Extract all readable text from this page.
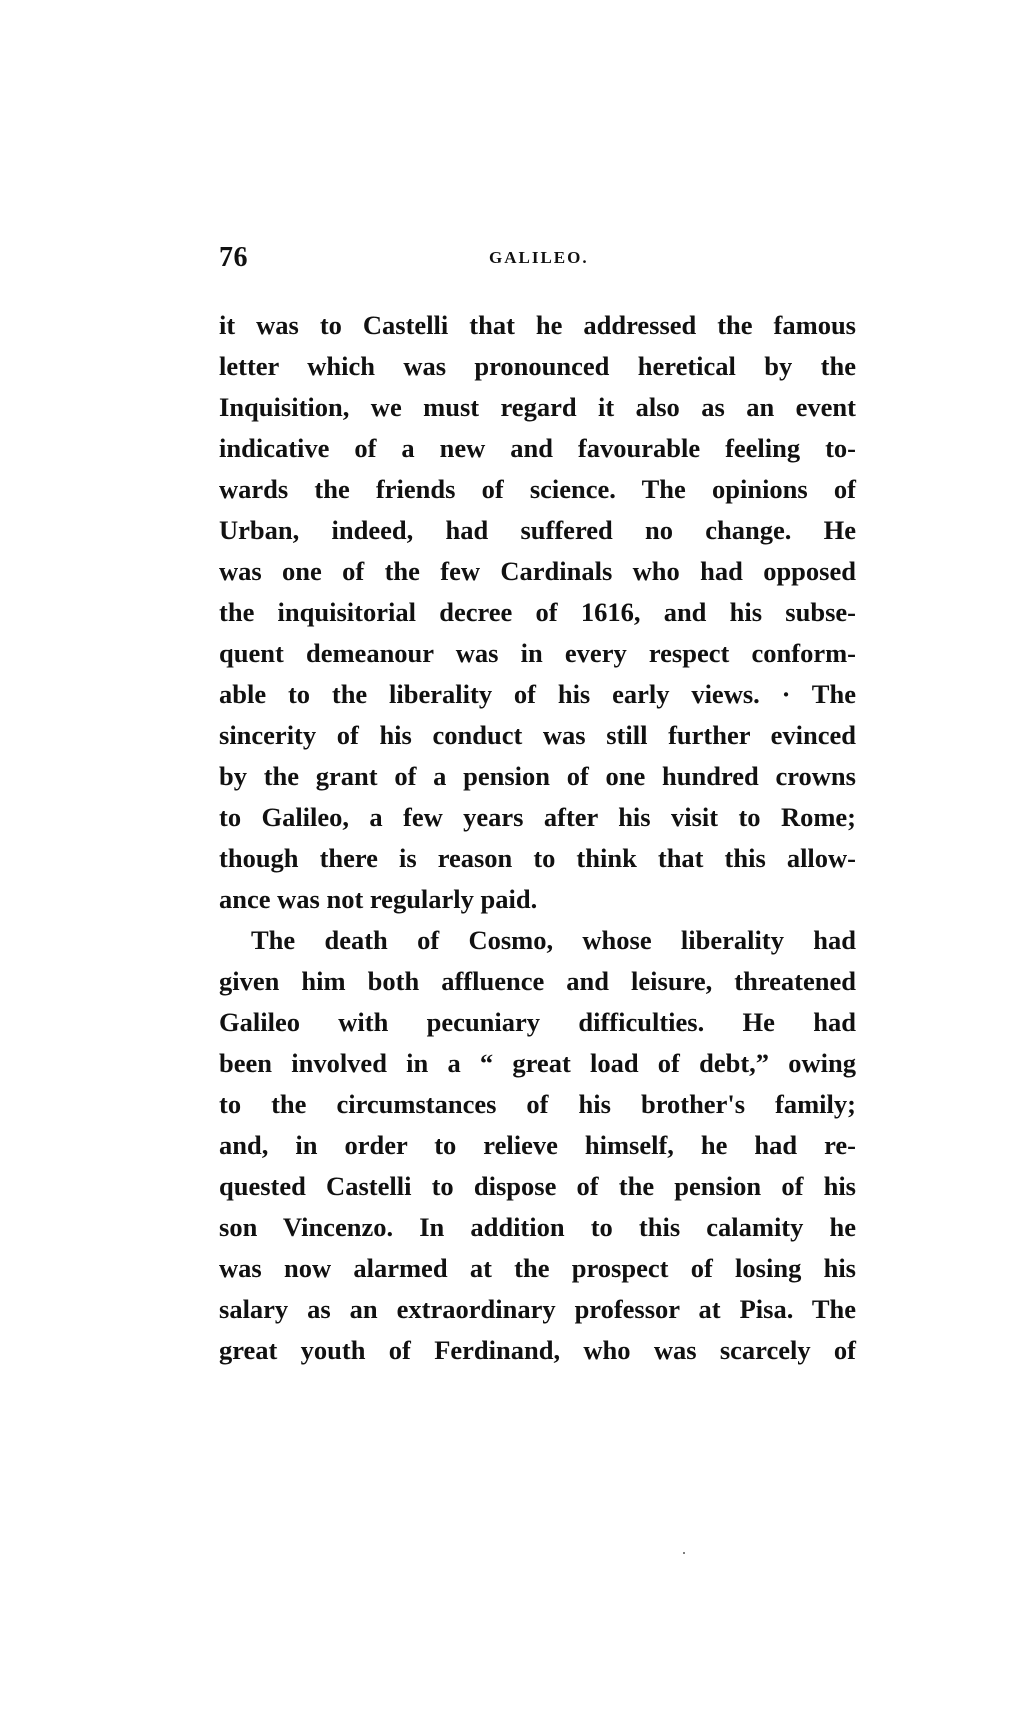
76	GALILEO.
it was to Castelli that he addressed the famous
letter which was pronounced heretical by the
Inquisition, we must regard it also as an event
indicative of a new and favourable feeling to-
wards the friends of science. The opinions of
Urban, indeed, had suffered no change. He
was one of the few Cardinals who had opposed
the inquisitorial decree of 1616, and his subse-
quent demeanour was in every respect conform-
able to the liberality of his early views. · The
sincerity of his conduct was still further evinced
by the grant of a pension of one hundred crowns
to Galileo, a few years after his visit to Rome;
though there is reason to think that this allow-
ance was not regularly paid.
The death of Cosmo, whose liberality had
given him both affluence and leisure, threatened
Galileo with pecuniary difficulties. He had
been involved in a “ great load of debt,” owing
to the circumstances of his brother's family;
and, in order to relieve himself, he had re-
quested Castelli to dispose of the pension of his
son Vincenzo. In addition to this calamity he
was now alarmed at the prospect of losing his
salary as an extraordinary professor at Pisa. The
great youth of Ferdinand, who was scarcely of
